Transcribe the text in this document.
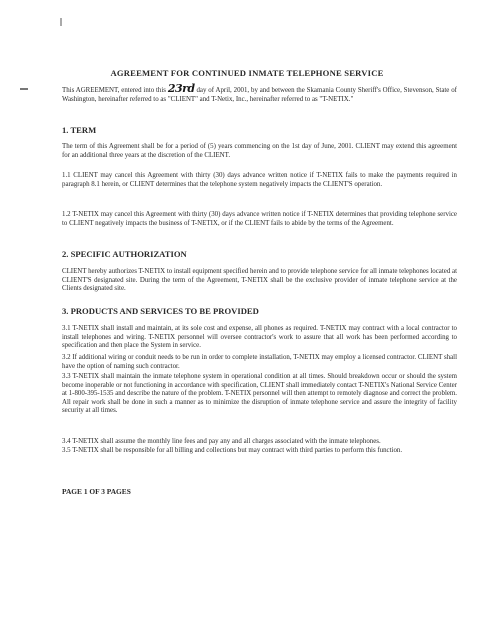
AGREEMENT FOR CONTINUED INMATE TELEPHONE SERVICE
This AGREEMENT, entered into this 23rd day of April, 2001, by and between the Skamania County Sheriff's Office, Stevenson, State of Washington, hereinafter referred to as "CLIENT" and T-Netix, Inc., hereinafter referred to as "T-NETIX."
1. TERM
The term of this Agreement shall be for a period of (5) years commencing on the 1st day of June, 2001. CLIENT may extend this agreement for an additional three years at the discretion of the CLIENT.
1.1 CLIENT may cancel this Agreement with thirty (30) days advance written notice if T-NETIX fails to make the payments required in paragraph 8.1 herein, or CLIENT determines that the telephone system negatively impacts the CLIENT'S operation.
1.2 T-NETIX may cancel this Agreement with thirty (30) days advance written notice if T-NETIX determines that providing telephone service to CLIENT negatively impacts the business of T-NETIX, or if the CLIENT fails to abide by the terms of the Agreement.
2. SPECIFIC AUTHORIZATION
CLIENT hereby authorizes T-NETIX to install equipment specified herein and to provide telephone service for all inmate telephones located at CLIENT'S designated site. During the term of the Agreement, T-NETIX shall be the exclusive provider of inmate telephone service at the Clients designated site.
3. PRODUCTS AND SERVICES TO BE PROVIDED
3.1 T-NETIX shall install and maintain, at its sole cost and expense, all phones as required. T-NETIX may contract with a local contractor to install telephones and wiring. T-NETIX personnel will oversee contractor's work to assure that all work has been performed according to specification and then place the System in service.
3.2 If additional wiring or conduit needs to be run in order to complete installation, T-NETIX may employ a licensed contractor. CLIENT shall have the option of naming such contractor.
3.3 T-NETIX shall maintain the inmate telephone system in operational condition at all times. Should breakdown occur or should the system become inoperable or not functioning in accordance with specification, CLIENT shall immediately contact T-NETIX's National Service Center at 1-800-395-1535 and describe the nature of the problem. T-NETIX personnel will then attempt to remotely diagnose and correct the problem. All repair work shall be done in such a manner as to minimize the disruption of inmate telephone service and assure the integrity of facility security at all times.
3.4 T-NETIX shall assume the monthly line fees and pay any and all charges associated with the inmate telephones.
3.5 T-NETIX shall be responsible for all billing and collections but may contract with third parties to perform this function.
PAGE 1 OF 3 PAGES
